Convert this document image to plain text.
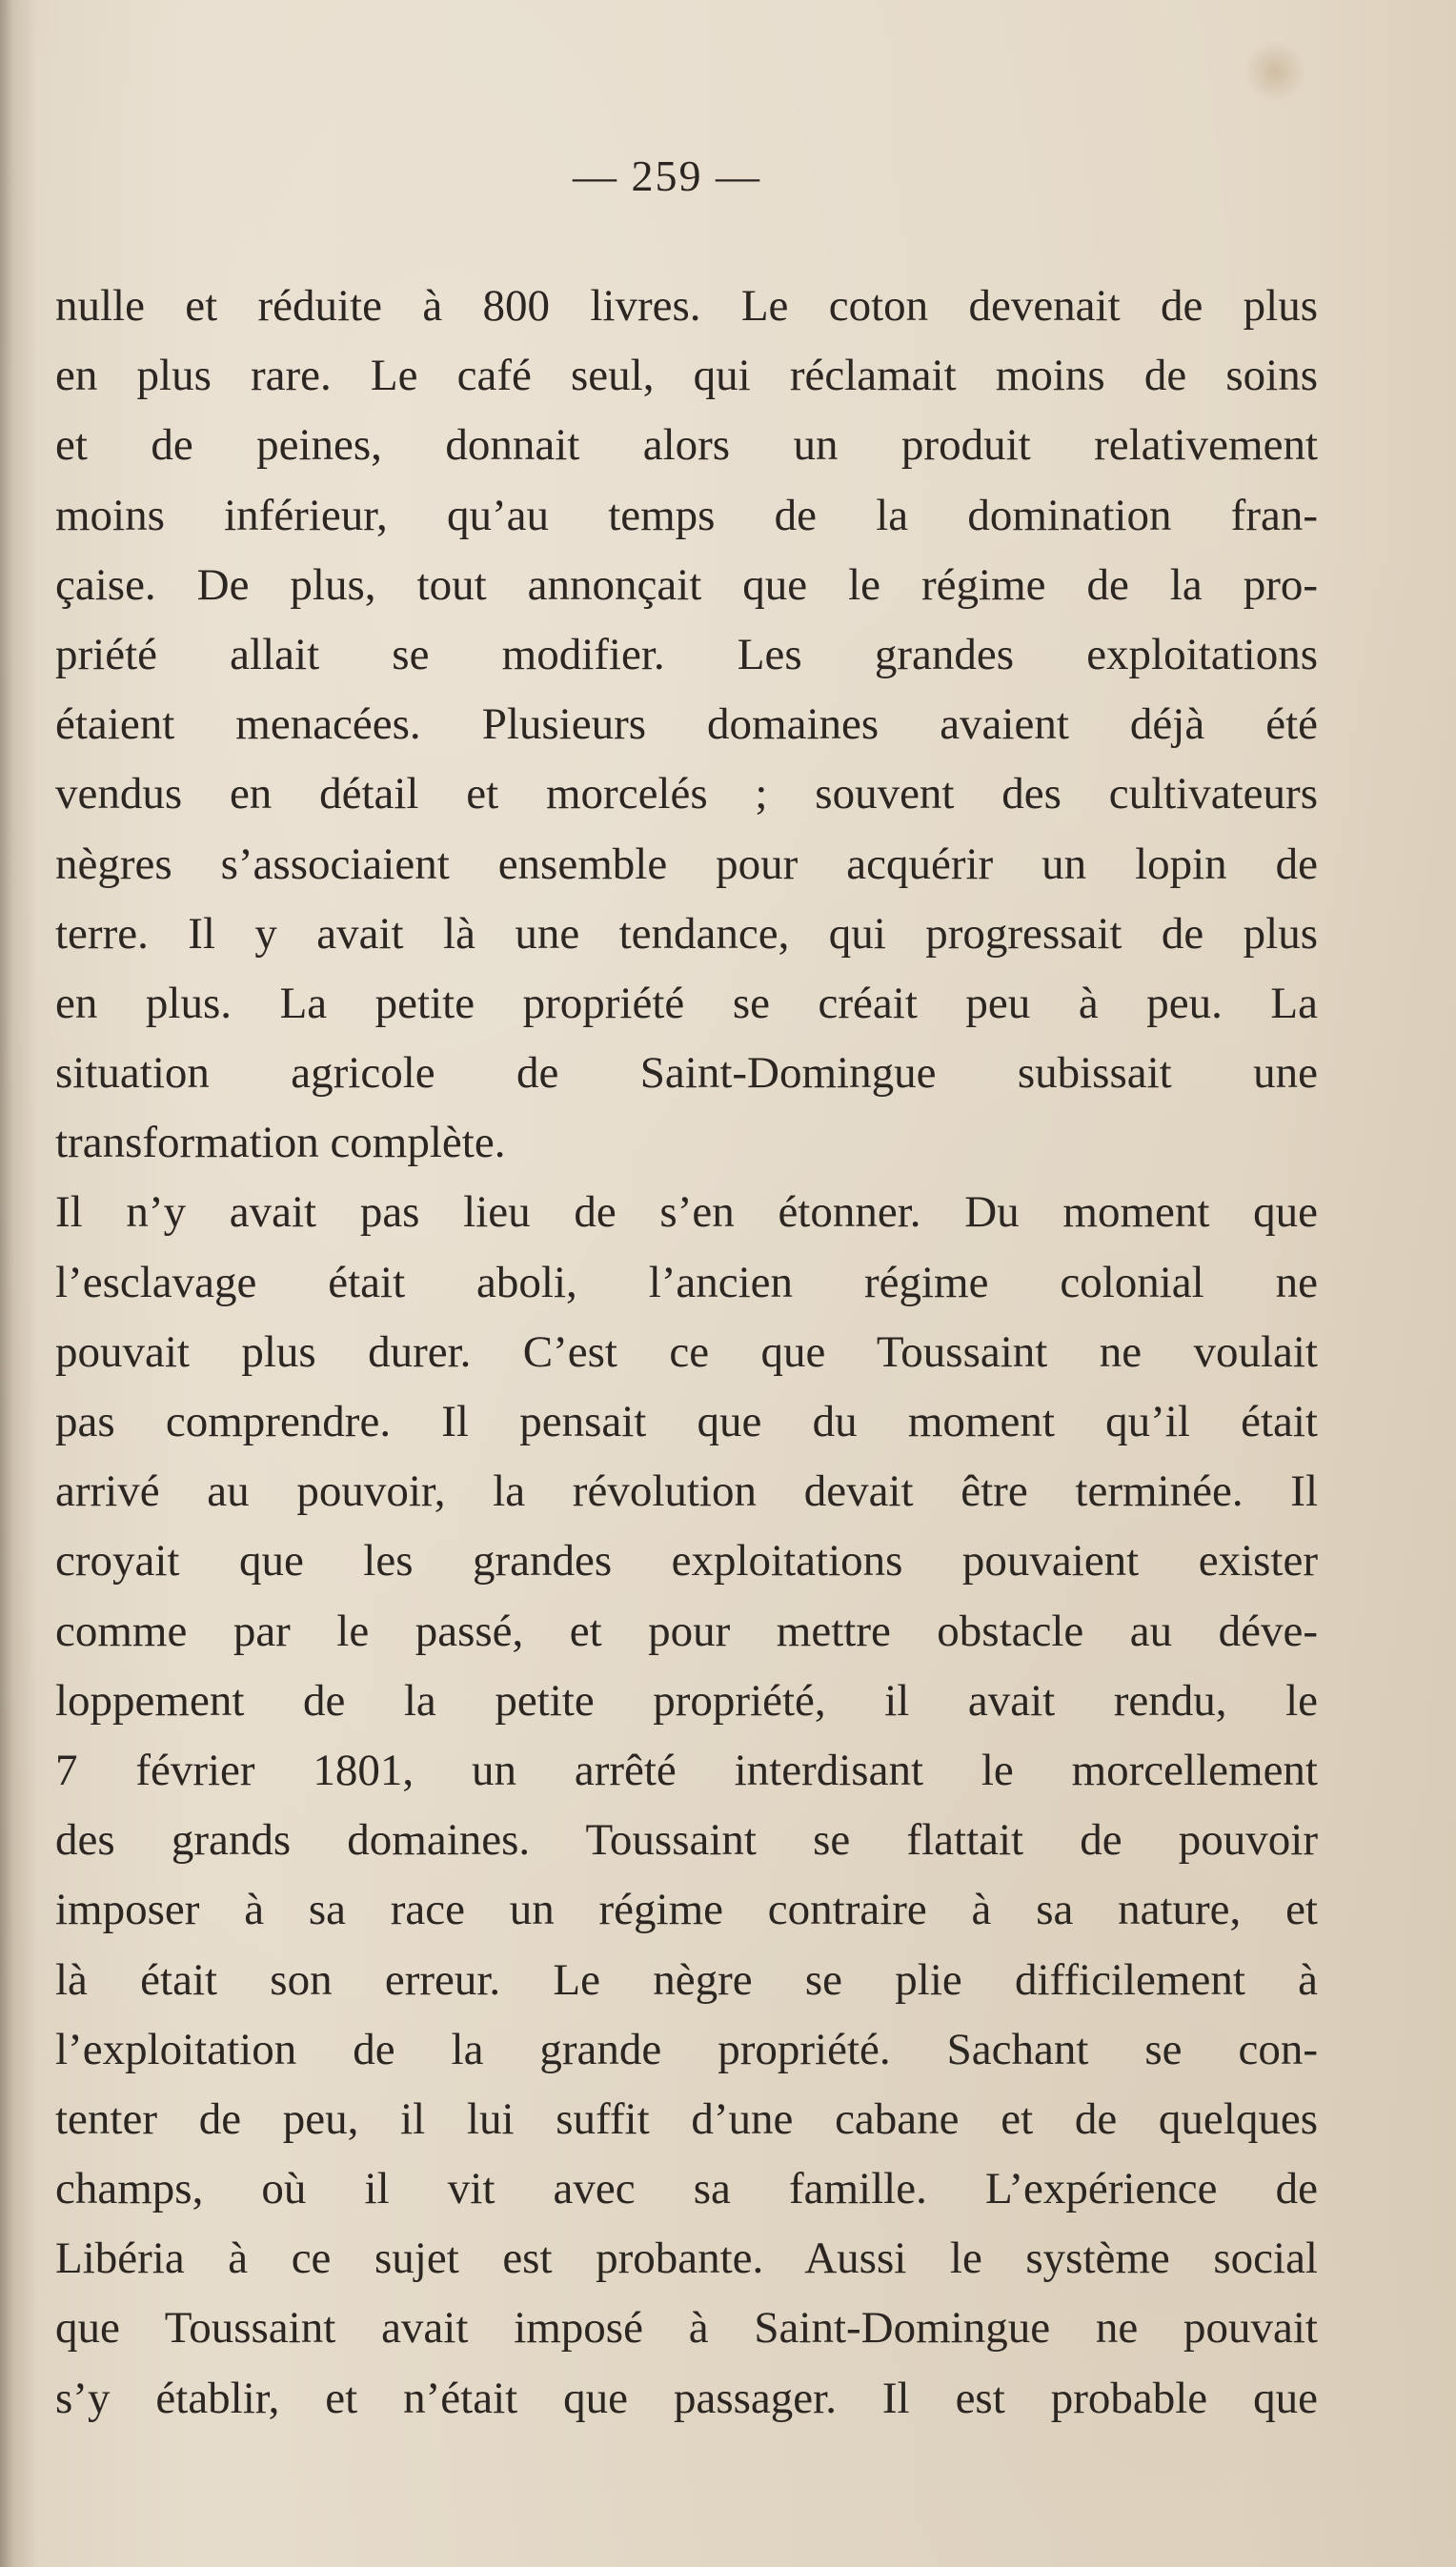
— 259 —
nulle et réduite à 800 livres. Le coton devenait de plus
en plus rare. Le café seul, qui réclamait moins de soins
et de peines, donnait alors un produit relativement
moins inférieur, qu’au temps de la domination fran-
çaise. De plus, tout annonçait que le régime de la pro-
priété allait se modifier. Les grandes exploitations
étaient menacées. Plusieurs domaines avaient déjà été
vendus en détail et morcelés ; souvent des cultivateurs
nègres s’associaient ensemble pour acquérir un lopin de
terre. Il y avait là une tendance, qui progressait de plus
en plus. La petite propriété se créait peu à peu. La
situation agricole de Saint-Domingue subissait une
transformation complète.
Il n’y avait pas lieu de s’en étonner. Du moment que
l’esclavage était aboli, l’ancien régime colonial ne
pouvait plus durer. C’est ce que Toussaint ne voulait
pas comprendre. Il pensait que du moment qu’il était
arrivé au pouvoir, la révolution devait être terminée. Il
croyait que les grandes exploitations pouvaient exister
comme par le passé, et pour mettre obstacle au déve-
loppement de la petite propriété, il avait rendu, le
7 février 1801, un arrêté interdisant le morcellement
des grands domaines. Toussaint se flattait de pouvoir
imposer à sa race un régime contraire à sa nature, et
là était son erreur. Le nègre se plie difficilement à
l’exploitation de la grande propriété. Sachant se con-
tenter de peu, il lui suffit d’une cabane et de quelques
champs, où il vit avec sa famille. L’expérience de
Libéria à ce sujet est probante. Aussi le système social
que Toussaint avait imposé à Saint-Domingue ne pouvait
s’y établir, et n’était que passager. Il est probable que
